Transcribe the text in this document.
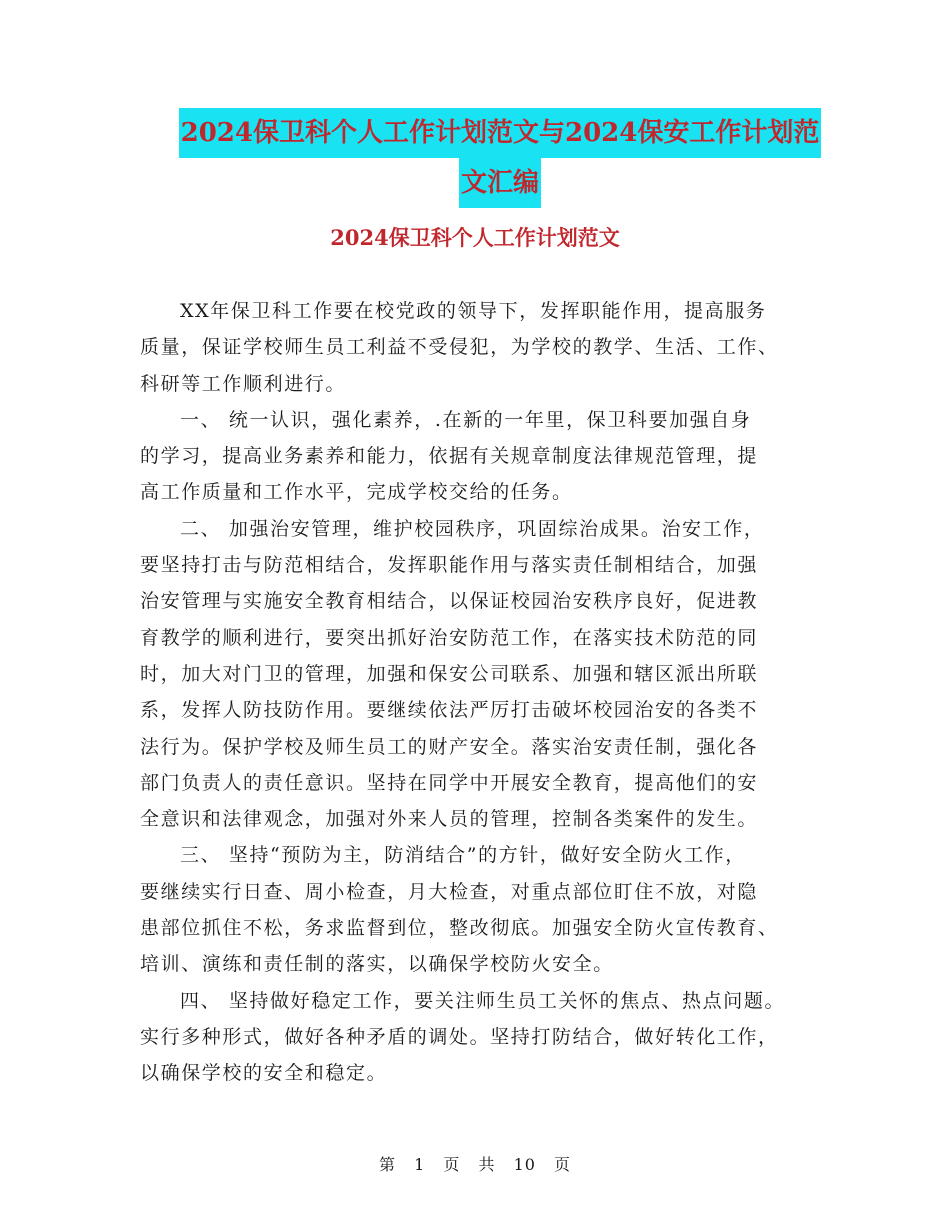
2024保卫科个人工作计划范文与2024保安工作计划范
文汇编
2024保卫科个人工作计划范文
XX年保卫科工作要在校党政的领导下，发挥职能作用，提高服务
质量，保证学校师生员工利益不受侵犯，为学校的教学、生活、工作、
科研等工作顺利进行。
一、 统一认识，强化素养，.在新的一年里，保卫科要加强自身
的学习，提高业务素养和能力，依据有关规章制度法律规范管理，提
高工作质量和工作水平，完成学校交给的任务。
二、 加强治安管理，维护校园秩序，巩固综治成果。治安工作，
要坚持打击与防范相结合，发挥职能作用与落实责任制相结合，加强
治安管理与实施安全教育相结合，以保证校园治安秩序良好，促进教
育教学的顺利进行，要突出抓好治安防范工作，在落实技术防范的同
时，加大对门卫的管理，加强和保安公司联系、加强和辖区派出所联
系，发挥人防技防作用。要继续依法严厉打击破坏校园治安的各类不
法行为。保护学校及师生员工的财产安全。落实治安责任制，强化各
部门负责人的责任意识。坚持在同学中开展安全教育，提高他们的安
全意识和法律观念，加强对外来人员的管理，控制各类案件的发生。
三、 坚持“预防为主，防消结合”的方针，做好安全防火工作，
要继续实行日查、周小检查，月大检查，对重点部位盯住不放，对隐
患部位抓住不松，务求监督到位，整改彻底。加强安全防火宣传教育、
培训、演练和责任制的落实，以确保学校防火安全。
四、 坚持做好稳定工作，要关注师生员工关怀的焦点、热点问题。
实行多种形式，做好各种矛盾的调处。坚持打防结合，做好转化工作，
以确保学校的安全和稳定。
第 1 页 共 10 页
